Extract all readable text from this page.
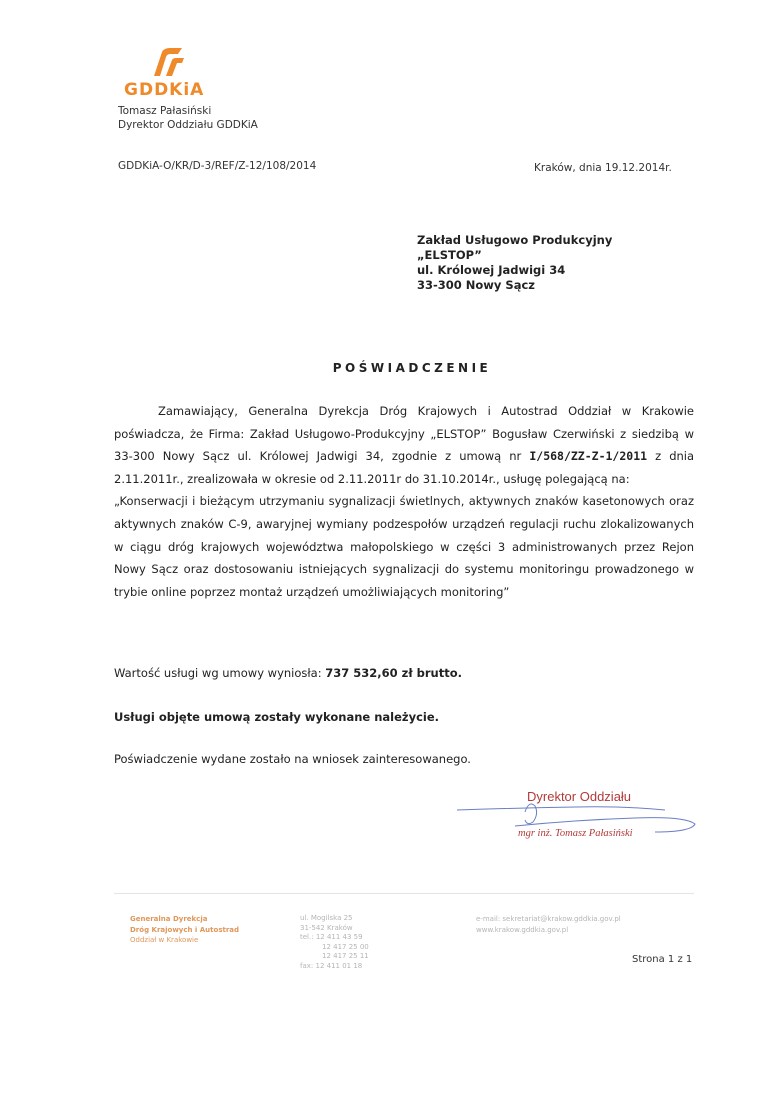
GDDKiA
Tomasz Pałasiński
Dyrektor Oddziału GDDKiA
GDDKiA-O/KR/D-3/REF/Z-12/108/2014	Kraków, dnia 19.12.2014r.
Zakład Usługowo Produkcyjny
„ELSTOP”
ul. Królowej Jadwigi 34
33-300 Nowy Sącz
POŚWIADCZENIE

Zamawiający, Generalna Dyrekcja Dróg Krajowych i Autostrad Oddział w Krakowie poświadcza, że Firma: Zakład Usługowo-Produkcyjny „ELSTOP” Bogusław Czerwiński z siedzibą w 33-300 Nowy Sącz ul. Królowej Jadwigi 34, zgodnie z umową nr I/568/ZZ-Z-1/2011 z dnia 2.11.2011r., zrealizowała w okresie od 2.11.2011r do 31.10.2014r., usługę polegającą na:

„Konserwacji i bieżącym utrzymaniu sygnalizacji świetlnych, aktywnych znaków kasetonowych oraz aktywnych znaków C-9, awaryjnej wymiany podzespołów urządzeń regulacji ruchu zlokalizowanych w ciągu dróg krajowych województwa małopolskiego w części 3 administrowanych przez Rejon Nowy Sącz oraz dostosowaniu istniejących sygnalizacji do systemu monitoringu prowadzonego w trybie online poprzez montaż urządzeń umożliwiających monitoring”

Wartość usługi wg umowy wyniosła: 737 532,60 zł brutto.
Usługi objęte umową zostały wykonane należycie.
Poświadczenie wydane zostało na wniosek zainteresowanego.
Dyrektor Oddziału
mgr inż. Tomasz Pałasiński
Generalna Dyrekcja
Dróg Krajowych i Autostrad
Oddział w Krakowie
ul. Mogilska 25
31-542 Kraków
tel.: 12 411 43 59
12 417 25 00
12 417 25 11
fax: 12 411 01 18
e-mail: sekretariat@krakow.gddkia.gov.pl
www.krakow.gddkia.gov.pl
Strona 1 z 1
